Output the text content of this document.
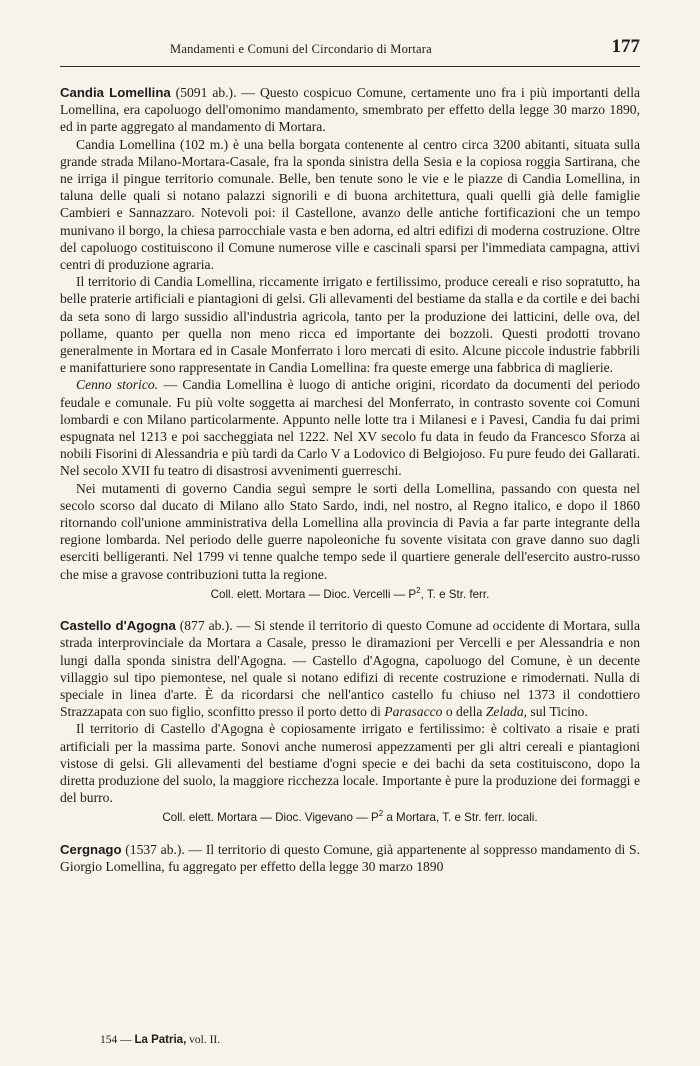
Mandamenti e Comuni del Circondario di Mortara	177

Candia Lomellina (5091 ab.). — Questo cospicuo Comune, certamente uno fra i più importanti della Lomellina, era capoluogo dell'omonimo mandamento, smembrato per effetto della legge 30 marzo 1890, ed in parte aggregato al mandamento di Mortara.

Candia Lomellina (102 m.) è una bella borgata contenente al centro circa 3200 abitanti, situata sulla grande strada Milano-Mortara-Casale, fra la sponda sinistra della Sesia e la copiosa roggia Sartirana, che ne irriga il pingue territorio comunale. Belle, ben tenute sono le vie e le piazze di Candia Lomellina, in taluna delle quali si notano palazzi signorili e di buona architettura, quali quelli già delle famiglie Cambieri e Sannazzaro. Notevoli poi: il Castellone, avanzo delle antiche fortificazioni che un tempo munivano il borgo, la chiesa parrocchiale vasta e ben adorna, ed altri edifizi di moderna costruzione. Oltre del capoluogo costituiscono il Comune numerose ville e cascinali sparsi per l'immediata campagna, attivi centri di produzione agraria.

Il territorio di Candia Lomellina, riccamente irrigato e fertilissimo, produce cereali e riso sopratutto, ha belle praterie artificiali e piantagioni di gelsi. Gli allevamenti del bestiame da stalla e da cortile e dei bachi da seta sono di largo sussidio all'industria agricola, tanto per la produzione dei latticini, delle ova, del pollame, quanto per quella non meno ricca ed importante dei bozzoli. Questi prodotti trovano generalmente in Mortara ed in Casale Monferrato i loro mercati di esito. Alcune piccole industrie fabbrili e manifatturiere sono rappresentate in Candia Lomellina: fra queste emerge una fabbrica di maglierie.

Cenno storico. — Candia Lomellina è luogo di antiche origini, ricordato da documenti del periodo feudale e comunale. Fu più volte soggetta ai marchesi del Monferrato, in contrasto sovente coi Comuni lombardi e con Milano particolarmente. Appunto nelle lotte tra i Milanesi e i Pavesi, Candia fu dai primi espugnata nel 1213 e poi saccheggiata nel 1222. Nel XV secolo fu data in feudo da Francesco Sforza ai nobili Fisorini di Alessandria e più tardi da Carlo V a Lodovico di Belgiojoso. Fu pure feudo dei Gallarati. Nel secolo XVII fu teatro di disastrosi avvenimenti guerreschi.

Nei mutamenti di governo Candia seguì sempre le sorti della Lomellina, passando con questa nel secolo scorso dal ducato di Milano allo Stato Sardo, indi, nel nostro, al Regno italico, e dopo il 1860 ritornando coll'unione amministrativa della Lomellina alla provincia di Pavia a far parte integrante della regione lombarda. Nel periodo delle guerre napoleoniche fu sovente visitata con grave danno suo dagli eserciti belligeranti. Nel 1799 vi tenne qualche tempo sede il quartiere generale dell'esercito austro-russo che mise a gravose contribuzioni tutta la regione.

Coll. elett. Mortara — Dioc. Vercelli — $P^2$, T. e Str. ferr.

Castello d'Agogna (877 ab.). — Si stende il territorio di questo Comune ad occidente di Mortara, sulla strada interprovinciale da Mortara a Casale, presso le diramazioni per Vercelli e per Alessandria e non lungi dalla sponda sinistra dell'Agogna. — Castello d'Agogna, capoluogo del Comune, è un decente villaggio sul tipo piemontese, nel quale si notano edifizi di recente costruzione e rimodernati. Nulla di speciale in linea d'arte. È da ricordarsi che nell'antico castello fu chiuso nel 1373 il condottiero Strazzapata con suo figlio, sconfitto presso il porto detto di Parasacco o della Zelada, sul Ticino.

Il territorio di Castello d'Agogna è copiosamente irrigato e fertilissimo: è coltivato a risaie e prati artificiali per la massima parte. Sonovi anche numerosi appezzamenti per gli altri cereali e piantagioni vistose di gelsi. Gli allevamenti del bestiame d'ogni specie e dei bachi da seta costituiscono, dopo la diretta produzione del suolo, la maggiore ricchezza locale. Importante è pure la produzione dei formaggi e del burro.

Coll. elett. Mortara — Dioc. Vigevano — $P^2$ a Mortara, T. e Str. ferr. locali.

Cergnago (1537 ab.). — Il territorio di questo Comune, già appartenente al soppresso mandamento di S. Giorgio Lomellina, fu aggregato per effetto della legge 30 marzo 1890

154 — La Patria, vol. II.
